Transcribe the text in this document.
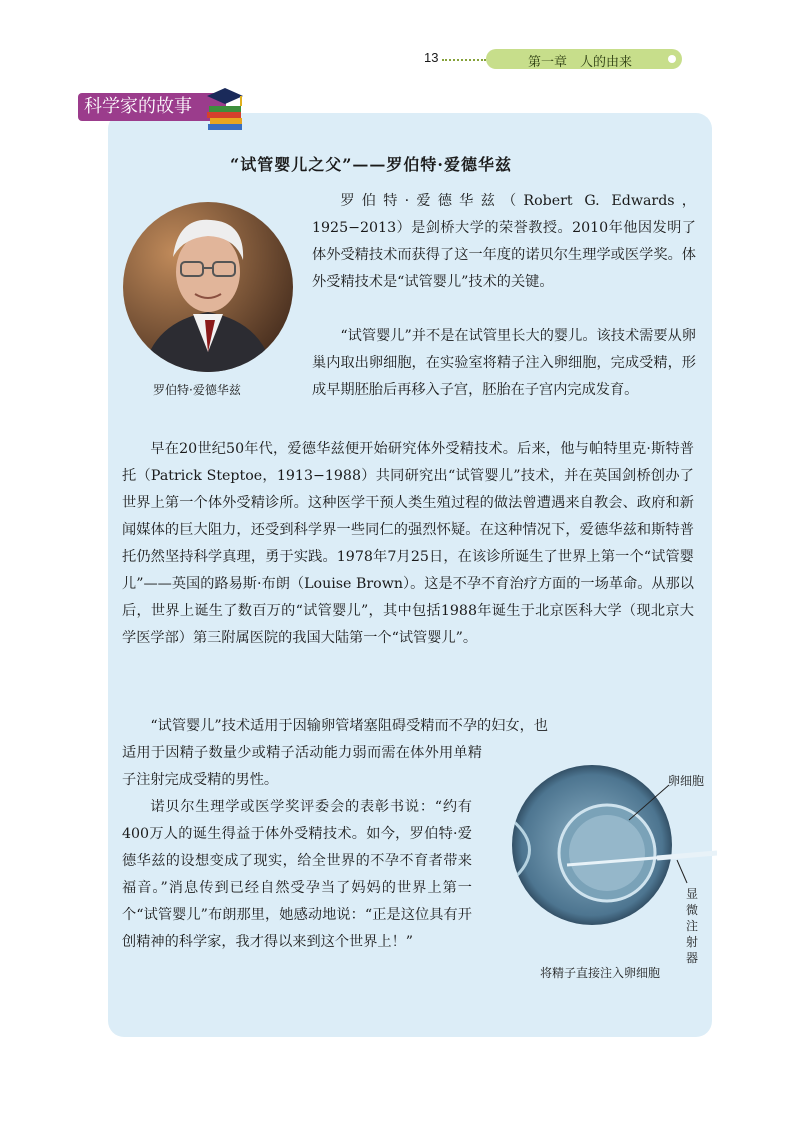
13	第一章　人的由来
科学家的故事
“试管婴儿之父”——罗伯特·爱德华兹
罗伯特·爱德华兹

罗伯特·爱德华兹（Robert G. Edwards，1925−2013）是剑桥大学的荣誉教授。2010年他因发明了体外受精技术而获得了这一年度的诺贝尔生理学或医学奖。体外受精技术是“试管婴儿”技术的关键。

“试管婴儿”并不是在试管里长大的婴儿。该技术需要从卵巢内取出卵细胞，在实验室将精子注入卵细胞，完成受精，形成早期胚胎后再移入子宫，胚胎在子宫内完成发育。

早在20世纪50年代，爱德华兹便开始研究体外受精技术。后来，他与帕特里克·斯特普托（Patrick Steptoe，1913−1988）共同研究出“试管婴儿”技术，并在英国剑桥创办了世界上第一个体外受精诊所。这种医学干预人类生殖过程的做法曾遭遇来自教会、政府和新闻媒体的巨大阻力，还受到科学界一些同仁的强烈怀疑。在这种情况下，爱德华兹和斯特普托仍然坚持科学真理，勇于实践。1978年7月25日，在该诊所诞生了世界上第一个“试管婴儿”——英国的路易斯·布朗（Louise Brown）。这是不孕不育治疗方面的一场革命。从那以后，世界上诞生了数百万的“试管婴儿”，其中包括1988年诞生于北京医科大学（现北京大学医学部）第三附属医院的我国大陆第一个“试管婴儿”。

“试管婴儿”技术适用于因输卵管堵塞阻碍受精而不孕的妇女，也

适用于因精子数量少或精子活动能力弱而需在体外用单精子注射完成受精的男性。

诺贝尔生理学或医学奖评委会的表彰书说：“约有400万人的诞生得益于体外受精技术。如今，罗伯特·爱德华兹的设想变成了现实，给全世界的不孕不育者带来福音。”消息传到已经自然受孕当了妈妈的世界上第一个“试管婴儿”布朗那里，她感动地说：“正是这位具有开创精神的科学家，我才得以来到这个世界上！”

卵细胞
显微注射器
将精子直接注入卵细胞
